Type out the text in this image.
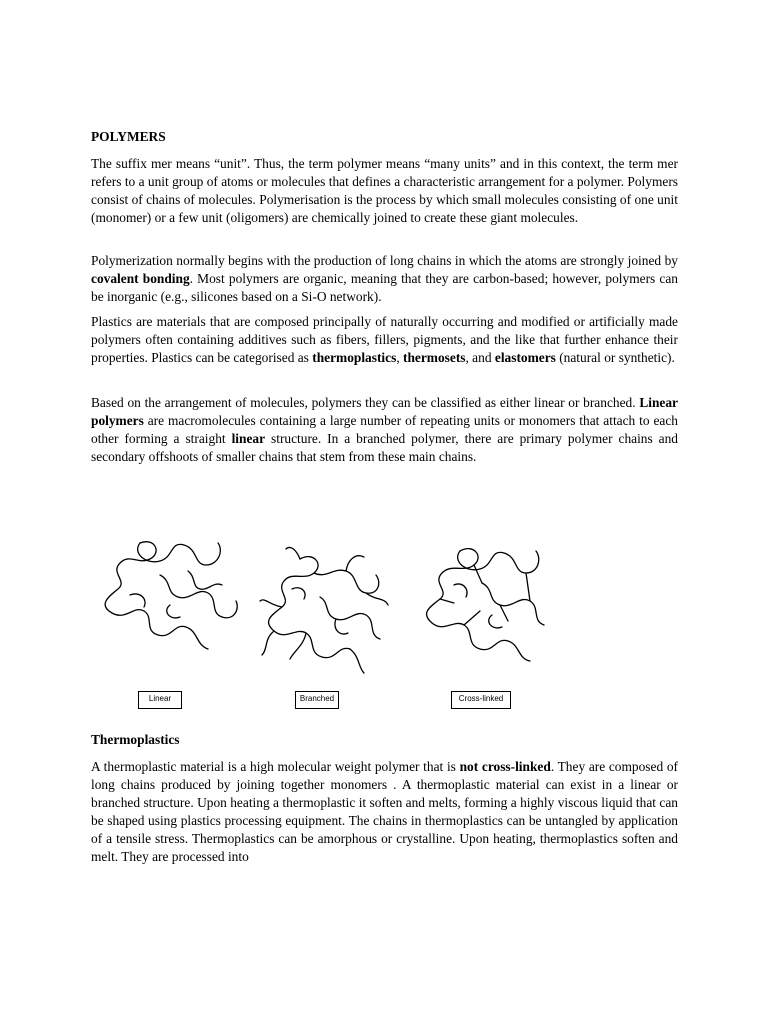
POLYMERS

The suffix mer means “unit”. Thus, the term polymer means “many units” and in this context, the term mer refers to a unit group of atoms or molecules that defines a characteristic arrangement for a polymer. Polymers consist of chains of molecules. Polymerisation is the process by which small molecules consisting of one unit (monomer) or a few unit (oligomers) are chemically joined to create these giant molecules.

Polymerization normally begins with the production of long chains in which the atoms are strongly joined by covalent bonding. Most polymers are organic, meaning that they are carbon-based; however, polymers can be inorganic (e.g., silicones based on a Si-O network).

Plastics are materials that are composed principally of naturally occurring and modified or artificially made polymers often containing additives such as fibers, fillers, pigments, and the like that further enhance their properties. Plastics can be categorised as thermoplastics, thermosets, and elastomers (natural or synthetic).

Based on the arrangement of molecules, polymers they can be classified as either linear or branched. Linear polymers are macromolecules containing a large number of repeating units or monomers that attach to each other forming a straight linear structure. In a branched polymer, there are primary polymer chains and secondary offshoots of smaller chains that stem from these main chains.

Linear	Branched	Cross-linked
Thermoplastics

A thermoplastic material is a high molecular weight polymer that is not cross-linked. They are composed of long chains produced by joining together monomers . A thermoplastic material can exist in a linear or branched structure. Upon heating a thermoplastic it soften and melts, forming a highly viscous liquid that can be shaped using plastics processing equipment. The chains in thermoplastics can be untangled by application of a tensile stress. Thermoplastics can be amorphous or crystalline. Upon heating, thermoplastics soften and melt. They are processed into
